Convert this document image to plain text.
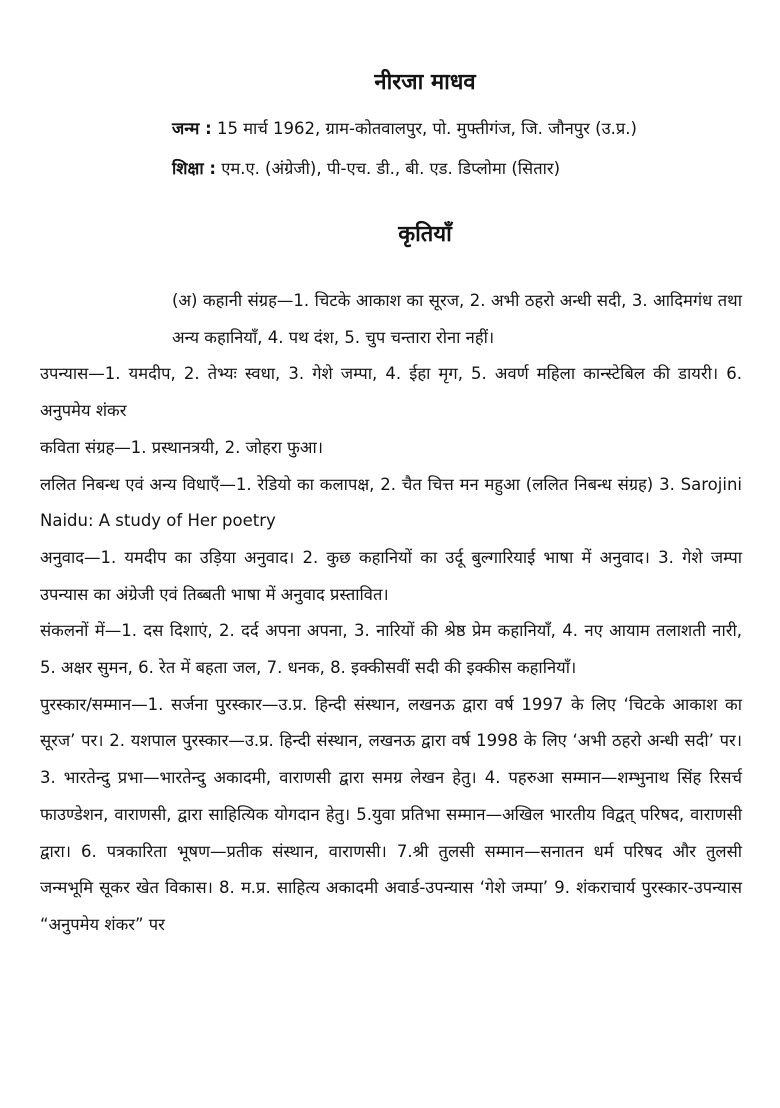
नीरजा माधव
जन्म : 15 मार्च 1962, ग्राम-कोतवालपुर, पो. मुफ्तीगंज, जि. जौनपुर (उ.प्र.)
शिक्षा : एम.ए. (अंग्रेजी), पी-एच. डी., बी. एड. डिप्लोमा (सितार)
कृतियाँ

(अ) कहानी संग्रह—1. चिटके आकाश का सूरज, 2. अभी ठहरो अन्धी सदी, 3. आदिमगंध तथा अन्य कहानियाँ, 4. पथ दंश, 5. चुप चन्तारा रोना नहीं।

उपन्यास—1. यमदीप, 2. तेभ्यः स्वधा, 3. गेशे जम्पा, 4. ईहा मृग, 5. अवर्ण महिला कान्स्टेबिल की डायरी। 6. अनुपमेय शंकर

कविता संग्रह—1. प्रस्थानत्रयी, 2. जोहरा फुआ।

ललित निबन्ध एवं अन्य विधाएँ—1. रेडियो का कलापक्ष, 2. चैत चित्त मन महुआ (ललित निबन्ध संग्रह) 3. Sarojini Naidu: A study of Her poetry

अनुवाद—1. यमदीप का उड़िया अनुवाद। 2. कुछ कहानियों का उर्दू बुल्गारियाई भाषा में अनुवाद। 3. गेशे जम्पा उपन्यास का अंग्रेजी एवं तिब्बती भाषा में अनुवाद प्रस्तावित।

संकलनों में—1. दस दिशाएं, 2. दर्द अपना अपना, 3. नारियों की श्रेष्ठ प्रेम कहानियाँ, 4. नए आयाम तलाशती नारी, 5. अक्षर सुमन, 6. रेत में बहता जल, 7. धनक, 8. इक्कीसवीं सदी की इक्कीस कहानियाँ।

पुरस्कार/सम्मान—1. सर्जना पुरस्कार—उ.प्र. हिन्दी संस्थान, लखनऊ द्वारा वर्ष 1997 के लिए ‘चिटके आकाश का सूरज’ पर। 2. यशपाल पुरस्कार—उ.प्र. हिन्दी संस्थान, लखनऊ द्वारा वर्ष 1998 के लिए ‘अभी ठहरो अन्धी सदी’ पर। 3. भारतेन्दु प्रभा—भारतेन्दु अकादमी, वाराणसी द्वारा समग्र लेखन हेतु। 4. पहरुआ सम्मान—शम्भुनाथ सिंह रिसर्च फाउण्डेशन, वाराणसी, द्वारा साहित्यिक योगदान हेतु। 5.युवा प्रतिभा सम्मान—अखिल भारतीय विद्वत् परिषद, वाराणसी द्वारा। 6. पत्रकारिता भूषण—प्रतीक संस्थान, वाराणसी। 7.श्री तुलसी सम्मान—सनातन धर्म परिषद और तुलसी जन्मभूमि सूकर खेत विकास। 8. म.प्र. साहित्य अकादमी अवार्ड-उपन्यास ‘गेशे जम्पा’ 9. शंकराचार्य पुरस्कार-उपन्यास “अनुपमेय शंकर” पर
